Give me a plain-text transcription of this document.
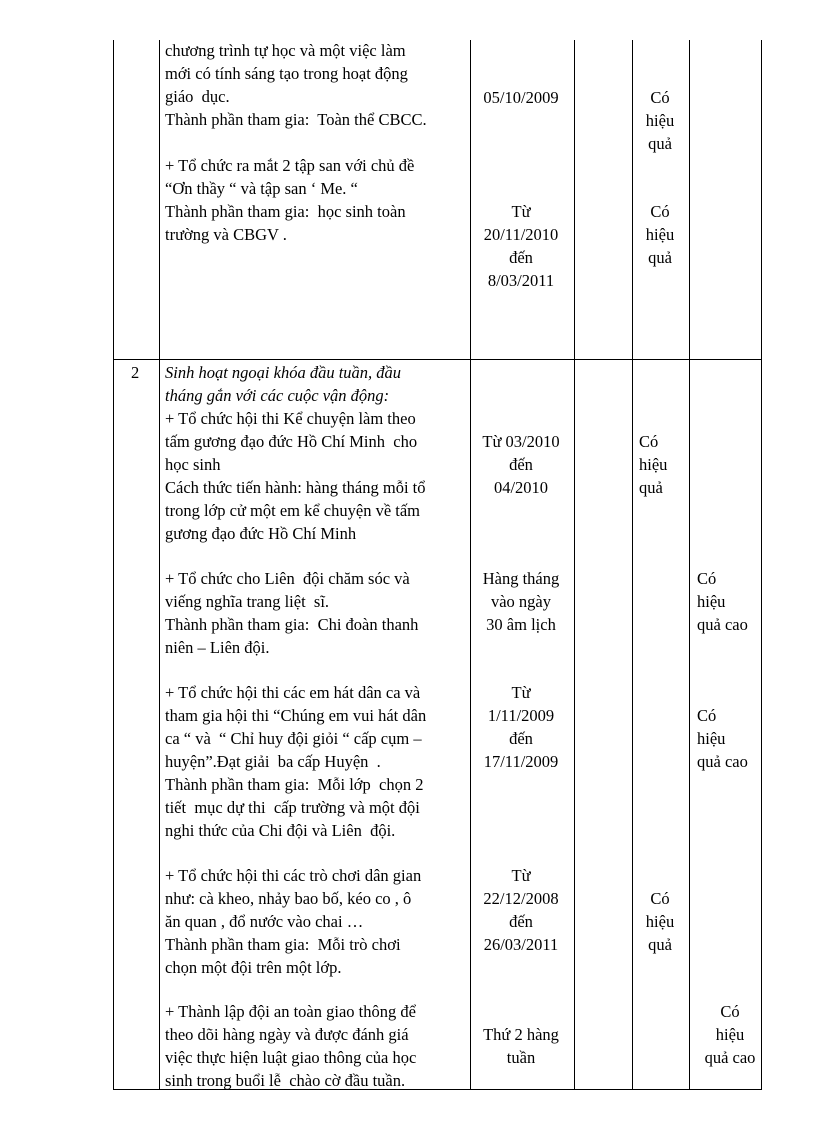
chương trình tự học và một việc làm
mới có tính sáng tạo trong hoạt động
giáo  dục.
Thành phần tham gia:  Toàn thể CBCC.
+ Tổ chức ra mắt 2 tập san với chủ đề
“Ơn thầy “ và tập san ‘ Me. “
Thành phần tham gia:  học sinh toàn
trường và CBGV .
05/10/2009
Từ
20/11/2010
đến
8/03/2011
Có
hiệu
quả
Có
hiệu
quả
2 Sinh hoạt ngoại khóa đầu tuần, đầu
tháng gắn với các cuộc vận động:
+ Tổ chức hội thi Kể chuyện làm theo
tấm gương đạo đức Hồ Chí Minh  cho
học sinh
Cách thức tiến hành: hàng tháng mỗi tổ
trong lớp cử một em kể chuyện về tấm
gương đạo đức Hồ Chí Minh
Từ 03/2010
đến
04/2010
Có
hiệu
quả
+ Tổ chức cho Liên  đội chăm sóc và
viếng nghĩa trang liệt  sĩ.
Thành phần tham gia:  Chi đoàn thanh
niên – Liên đội.
Hàng tháng
vào ngày
30 âm lịch
Có
hiệu
quả cao
+ Tổ chức hội thi các em hát dân ca và
tham gia hội thi “Chúng em vui hát dân
ca “ và  “ Chỉ huy đội giỏi “ cấp cụm –
huyện”.Đạt giải  ba cấp Huyện  .
Thành phần tham gia:  Mỗi lớp  chọn 2
tiết  mục dự thi  cấp trường và một đội
nghi thức của Chi đội và Liên  đội.
Từ
1/11/2009
đến
17/11/2009
Có
hiệu
quả cao
+ Tổ chức hội thi các trò chơi dân gian
như: cà kheo, nhảy bao bố, kéo co , ô
ăn quan , đổ nước vào chai …
Thành phần tham gia:  Mỗi trò chơi
chọn một đội trên một lớp.
Từ
22/12/2008
đến
26/03/2011
Có
hiệu
quả
+ Thành lập đội an toàn giao thông để
theo dõi hàng ngày và được đánh giá
việc thực hiện luật giao thông của học
sinh trong buổi lễ  chào cờ đầu tuần.
Thứ 2 hàng
tuần
Có
hiệu
quả cao
